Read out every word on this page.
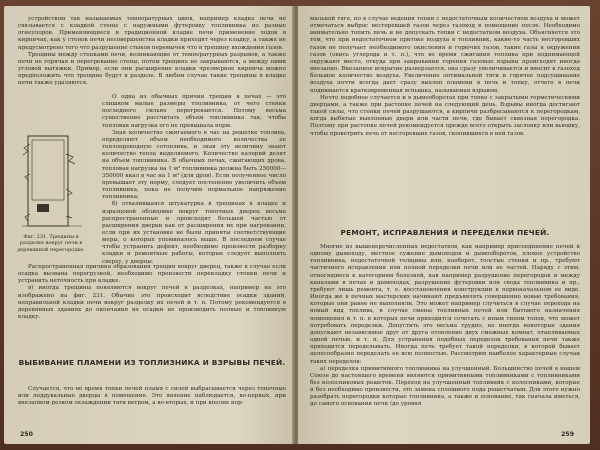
устройством так называемых температурных швов, например кладка печи не связывается с кладкой стены с наружными футеровку топливника из разные огнеупоров. Применяющиеся в традиционной кладке печи применение ходов в кирпичах, как у стенок печи несовершенства кладки приходят через кладку, а также не предусмотрено того что разрушение стыков перемычек что в трещину вхождения газов.

Трещины между стенками печи, возникающие от температурных разрывов, а также печи не горячая и перегревание стены, потом трещине не закрываются, а между ними угловой вытяжки. Пример, если они расширение кладки чрезмерное кирпича можно предположить что трещине будут в разделе. В любом случае такие трещины в кладке печи также удаляются.

Фиг. 231. Трещины в разделке вокруг печи в деревянной перегородке.

О одна из обычных причин трещин в печах — это слишком малые размеры топливника, от чего стенки последнего сильно перегреваются. Потому весьма существенно рассчитать объем топливника так, чтобы тепловая нагрузка его не превышала норм.

Зная количество сжигаемого в час на решетке топлива, определяют объем необходимого количества ее теплопроводную сотоплива, и зная эту величину знают количество тепла выделяемого. Количество калорий делят на объем топливника. В обычных печах, сжигающих дрова, тепловая нагрузка на 1 м³ топливника должна быть 250000—350000 ккал в час на 1 м³ (для дров). Если полученное число превышает эту норму, следует постепенно увеличить объем топливника, пока не получим нормальное напряжение топливника;

б) отвалившаяся штукатурка в трещинах в кладке и изразцовой облицовке вокруг топочных дверец весьма распространенные и происходят большей частью от расширения дверки как от расширения их при нагревании, если при их установке не были приняты соответствующие меры, о которых упоминалось выше. В последнем случае чтобы устранить дефект, необходимо произвести разборку кладки и ремонтные работы, которые следует выполнять сверху, у дверцы.

Распространенная причина образования трещин вокруг дверец, также в случае если осадка вызвана перегрузкой, необходимо произвести перекладку стенки печи и устранить неточность при кладке.

в) иногда трещины появляются вокруг печей в разделках, например на это изображено на фиг. 231. Обычно это происходит вследствие осадки зданий, неправильной кладки печи вокруг разделку их печей и т. п. Потому рекомендуется в деревянных зданиях до окончания их осадки не производить полные и топливную кладку.

ВЫБИВАНИЕ ПЛАМЕНИ ИЗ ТОПЛИЗНИКА И ВЗРЫВЫ ПЕЧЕЙ.

Случается, что во время топки печей пламя с силой выбрасывается через топочные или поддувальные дверцы в помещение. Это явление наблюдается, во-первых, при внезапном резком охлаждении тяги ветром, а во-вторых, и при вполне нор-

250

мальной тяге, но в случае ведения топки с недостаточным количеством воздуха и может отмечаться выброс несгоревшей газов через газоход в помещение после. Необходимо внимательно топить печь и не допускать топки с недостатком воздуха. Объясняется это тем, что при недостаточном притоке воздуха в топливник, какие-то часть несгоревших газов не получает необходимого окисления и горючих газов, такие газы в окружении газов (окись углерода и т. п.), что во время сжигания топлива при поднимающей окружают место, откуда при закрывании горения газовые взрывы происходят иногда внезапно. Внезапное вскрытие разверзается, она сразу увеличивается и вносит в газоход большое количество воздуха. Увеличение оптимальной тяги и горячее подсушивание воздуха почти всегда дает сразу выхлоп пламени в печь и топку, отчего в печи поднимается кратковременная вспышка, называемая взрывом.

Нечто подобное случается и в дымооборотах при топке с закрытыми герметическими дверцами, а также при растопке печей на следующий день. Взрывы иногда достигают такой силы, что стенки печей разрушаются, а кирпичи разбрасываются к перегородкам, когда выбитые выхлопные двери или части печи, где бывает сквозная перегородка. Поэтому при растопке печей рекомендуется прежде всего открыть заслонку или вьюшку, чтобы проветрить печь от несгоревших газов, скопившихся в ней газов.

РЕМОНТ, ИСПРАВЛЕНИЯ И ПЕРЕДЕЛКИ ПЕЧЕЙ.

Многие из вышеперечисленных недостатков, как например присоединение печей к одному дымоходу, местное сужение дымоходов и дымооборотов, плохое устройство топливника, недостаточной толщины или, наоборот, толстые стенки и пр., требуют частичного исправления или полной переделки печи или ее частей. Наряду с этим, относящиеся к категориям болезней, как например разрушение перегородок и между каналами в печах и дымоходах, разрушение футеровки или свода топливника и пр., требуют лишь ремонта, т. е. восстановления конструкции в первоначальном ее виде. Иногда же в печных мастерских начинают предъявлять совершенно новые требования, которые они ранее не выполняли. Это может например случиться в случае перехода на новый вид топлива, в случае смены топливных печей или бытового назначения помещения и т. п. в которых печи приходится сочетать с иным типом топок, что может потребовать переделки. Допустить это весьма трудно, но иногда некоторые здания допускают независимое друг от друга отопление двух смежных комнат, отапливаемых одной печью, и т. п. Для устранения подобных переделок требования печи также приходится переделывать. Иногда печь требует такой переделки, в которой бывает целесообразно переделать ее всю полностью. Рассмотрим наиболее характерные случаи таких переделок:

а) переделка примитивного топливника на улучшенный. Большинство печей в нашем Союзе до настоящего времени являются примитивными топливниками с топливниками без колосниковых решеток. Переход на улучшенный топливник с колосниками, которые и без необходимо произвести, это замена сплошного пода решетчатым. Для этого нужно разобрать перегородки которые топливника, а также и основание, так сначала иметься, до самого основания печи (до уровня

259
